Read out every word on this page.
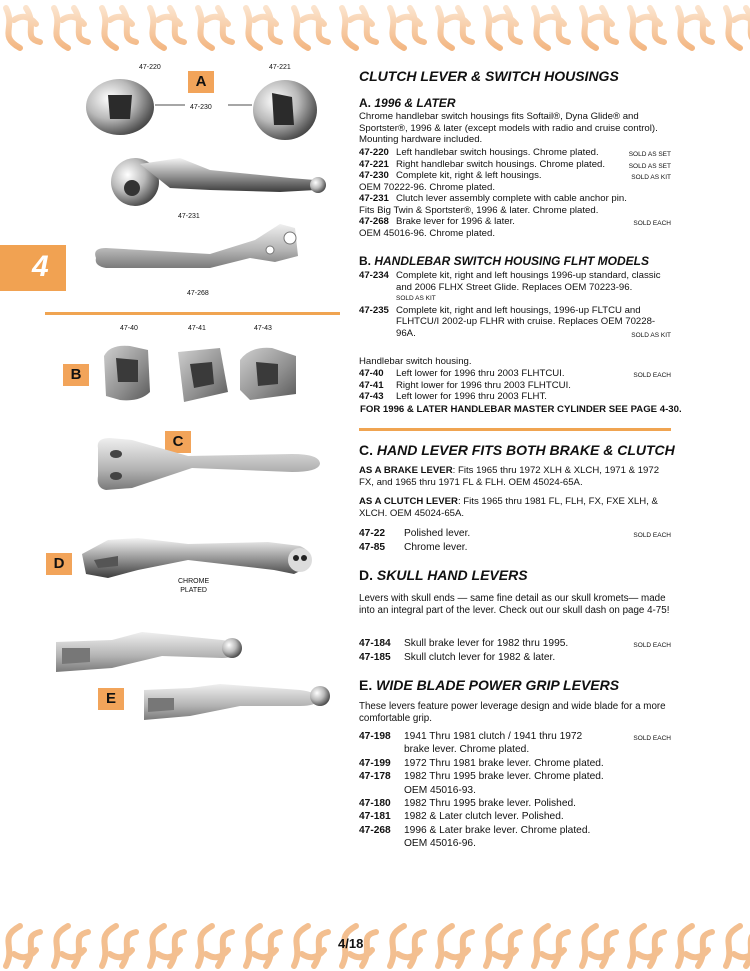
4
47-220	47-221
A
47-230
47-231
47-268
47-40	47-41	47-43
B
C
D
CHROME
PLATED
E
CLUTCH LEVER & SWITCH HOUSINGS
A. 1996 & LATER
Chrome handlebar switch housings fits Softail®, Dyna Glide® and Sportster®, 1996 & later (except models with radio and cruise control). Mounting hardware included.
47-220 Left handlebar switch housings. Chrome plated.	SOLD AS SET
47-221 Right handlebar switch housings. Chrome plated.	SOLD AS SET
47-230 Complete kit, right & left housings.	SOLD AS KIT
OEM 70222-96. Chrome plated.
47-231 Clutch lever assembly complete with cable anchor pin.
Fits Big Twin & Sportster®, 1996 & later. Chrome plated.
47-268 Brake lever for 1996 & later.	SOLD EACH
OEM 45016-96. Chrome plated.
B. HANDLEBAR SWITCH HOUSING FLHT MODELS
47-234 Complete kit, right and left housings 1996-up standard, classic and 2006 FLHX Street Glide. Replaces OEM 70223-96.
SOLD AS KIT
47-235 Complete kit, right and left housings, 1996-up FLTCU and FLHTCU/I 2002-up FLHR with cruise. Replaces OEM 70228-96A.	SOLD AS KIT
Handlebar switch housing.
47-40	Left lower for 1996 thru 2003 FLHTCUI.	SOLD EACH
47-41	Right lower for 1996 thru 2003 FLHTCUI.
47-43	Left lower for 1996 thru 2003 FLHT.
FOR 1996 & LATER HANDLEBAR MASTER CYLINDER SEE PAGE 4-30.
C. HAND LEVER FITS BOTH BRAKE & CLUTCH
AS A BRAKE LEVER: Fits 1965 thru 1972 XLH & XLCH, 1971 & 1972 FX, and 1965 thru 1971 FL & FLH. OEM 45024-65A.
AS A CLUTCH LEVER: Fits 1965 thru 1981 FL, FLH, FX, FXE XLH, & XLCH. OEM 45024-65A.
47-22	Polished lever.	SOLD EACH
47-85	Chrome lever.
D. SKULL HAND LEVERS
Levers with skull ends — same fine detail as our skull kromets— made into an integral part of the lever. Check out our skull dash on page 4-75!
47-184	Skull brake lever for 1982 thru 1995.	SOLD EACH
47-185	Skull clutch lever for 1982 & later.
E. WIDE BLADE POWER GRIP LEVERS
These levers feature power leverage design and wide blade for a more comfortable grip.
47-198	1941 Thru 1981 clutch / 1941 thru 1972	SOLD EACH
brake lever. Chrome plated.
47-199	1972 Thru 1981 brake lever. Chrome plated.
47-178	1982 Thru 1995 brake lever. Chrome plated.
OEM 45016-93.
47-180	1982 Thru 1995 brake lever. Polished.
47-181	1982 & Later clutch lever. Polished.
47-268	1996 & Later brake lever. Chrome plated.
OEM 45016-96.
4/18
